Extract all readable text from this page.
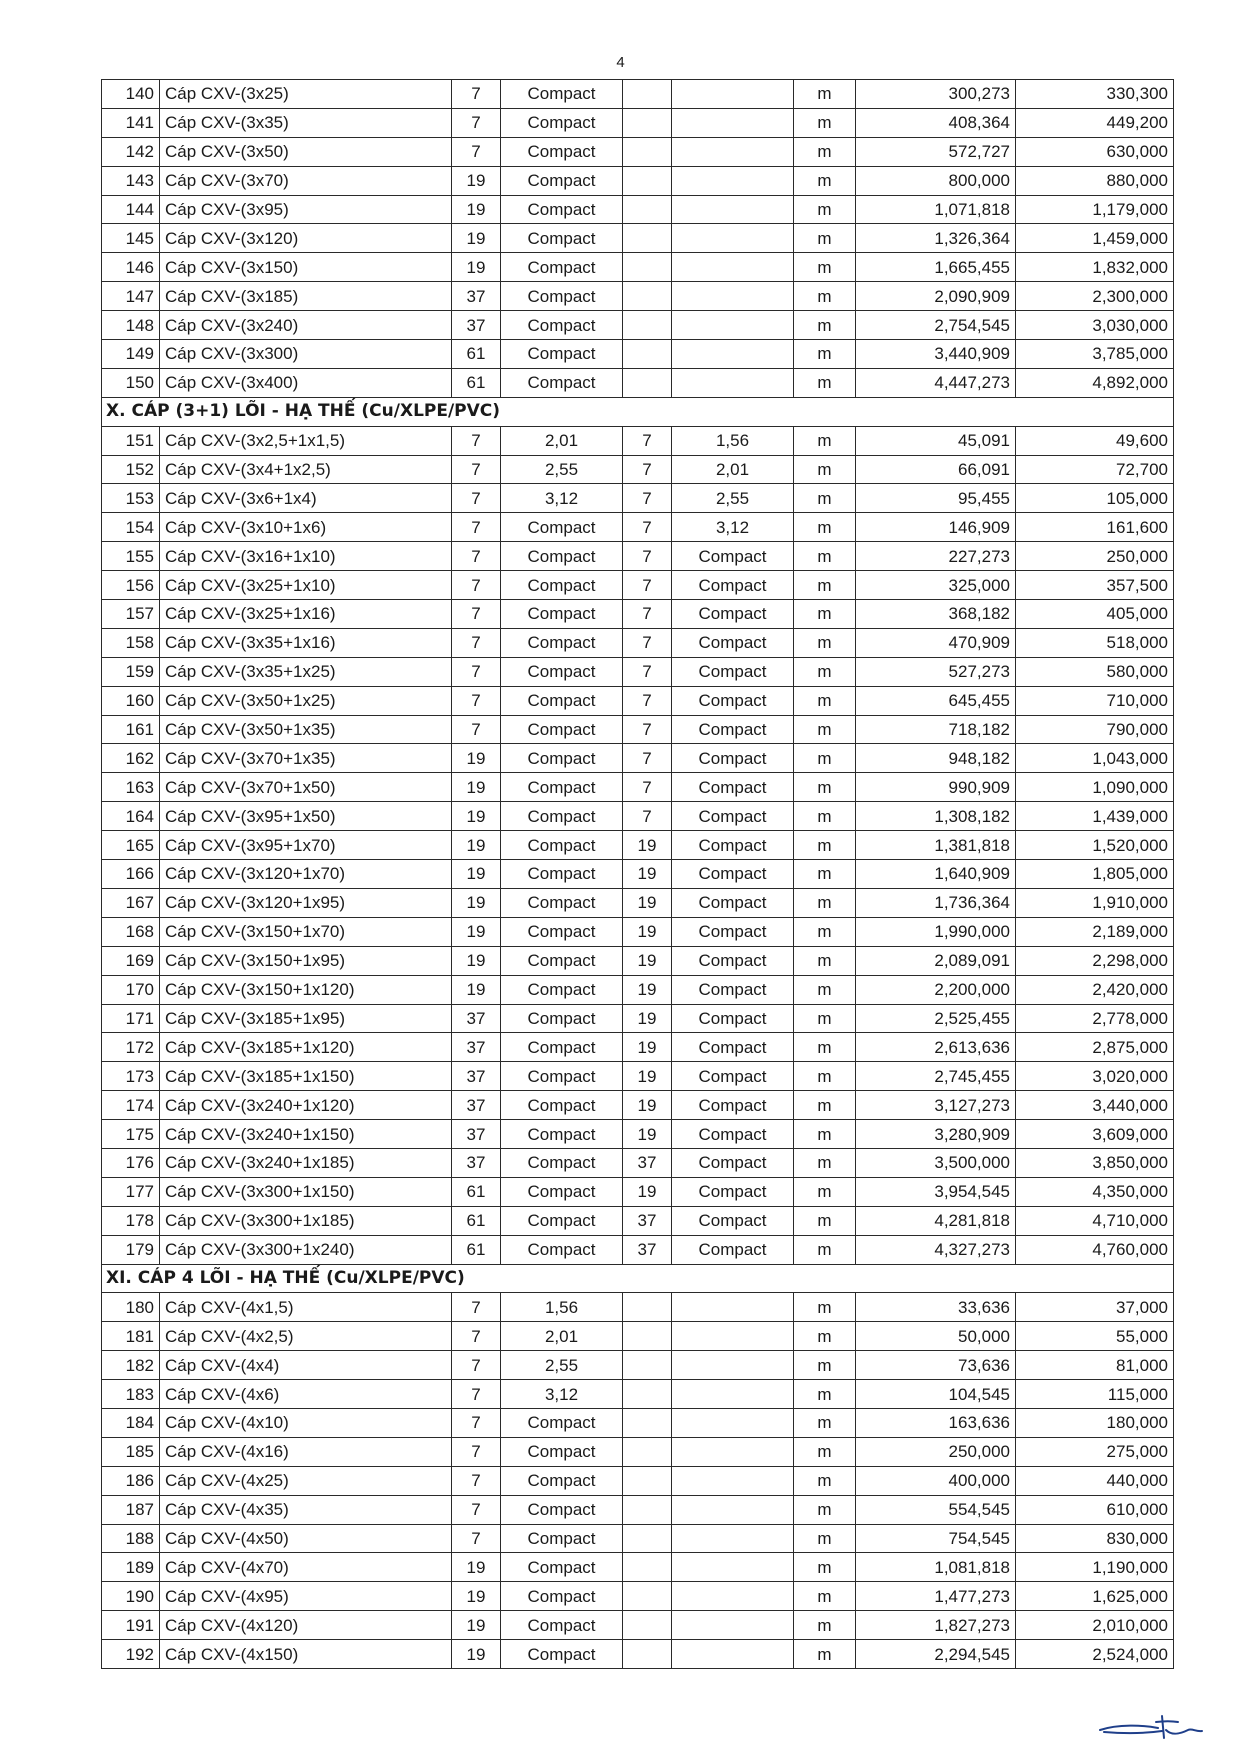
4
140	Cáp CXV-(3x25)	7	Compact			m	300,273	330,300
141	Cáp CXV-(3x35)	7	Compact			m	408,364	449,200
142	Cáp CXV-(3x50)	7	Compact			m	572,727	630,000
143	Cáp CXV-(3x70)	19	Compact			m	800,000	880,000
144	Cáp CXV-(3x95)	19	Compact			m	1,071,818	1,179,000
145	Cáp CXV-(3x120)	19	Compact			m	1,326,364	1,459,000
146	Cáp CXV-(3x150)	19	Compact			m	1,665,455	1,832,000
147	Cáp CXV-(3x185)	37	Compact			m	2,090,909	2,300,000
148	Cáp CXV-(3x240)	37	Compact			m	2,754,545	3,030,000
149	Cáp CXV-(3x300)	61	Compact			m	3,440,909	3,785,000
150	Cáp CXV-(3x400)	61	Compact			m	4,447,273	4,892,000
X. CÁP (3+1) LÕI - HẠ THẾ (Cu/XLPE/PVC)								
151	Cáp CXV-(3x2,5+1x1,5)	7	2,01	7	1,56	m	45,091	49,600
152	Cáp CXV-(3x4+1x2,5)	7	2,55	7	2,01	m	66,091	72,700
153	Cáp CXV-(3x6+1x4)	7	3,12	7	2,55	m	95,455	105,000
154	Cáp CXV-(3x10+1x6)	7	Compact	7	3,12	m	146,909	161,600
155	Cáp CXV-(3x16+1x10)	7	Compact	7	Compact	m	227,273	250,000
156	Cáp CXV-(3x25+1x10)	7	Compact	7	Compact	m	325,000	357,500
157	Cáp CXV-(3x25+1x16)	7	Compact	7	Compact	m	368,182	405,000
158	Cáp CXV-(3x35+1x16)	7	Compact	7	Compact	m	470,909	518,000
159	Cáp CXV-(3x35+1x25)	7	Compact	7	Compact	m	527,273	580,000
160	Cáp CXV-(3x50+1x25)	7	Compact	7	Compact	m	645,455	710,000
161	Cáp CXV-(3x50+1x35)	7	Compact	7	Compact	m	718,182	790,000
162	Cáp CXV-(3x70+1x35)	19	Compact	7	Compact	m	948,182	1,043,000
163	Cáp CXV-(3x70+1x50)	19	Compact	7	Compact	m	990,909	1,090,000
164	Cáp CXV-(3x95+1x50)	19	Compact	7	Compact	m	1,308,182	1,439,000
165	Cáp CXV-(3x95+1x70)	19	Compact	19	Compact	m	1,381,818	1,520,000
166	Cáp CXV-(3x120+1x70)	19	Compact	19	Compact	m	1,640,909	1,805,000
167	Cáp CXV-(3x120+1x95)	19	Compact	19	Compact	m	1,736,364	1,910,000
168	Cáp CXV-(3x150+1x70)	19	Compact	19	Compact	m	1,990,000	2,189,000
169	Cáp CXV-(3x150+1x95)	19	Compact	19	Compact	m	2,089,091	2,298,000
170	Cáp CXV-(3x150+1x120)	19	Compact	19	Compact	m	2,200,000	2,420,000
171	Cáp CXV-(3x185+1x95)	37	Compact	19	Compact	m	2,525,455	2,778,000
172	Cáp CXV-(3x185+1x120)	37	Compact	19	Compact	m	2,613,636	2,875,000
173	Cáp CXV-(3x185+1x150)	37	Compact	19	Compact	m	2,745,455	3,020,000
174	Cáp CXV-(3x240+1x120)	37	Compact	19	Compact	m	3,127,273	3,440,000
175	Cáp CXV-(3x240+1x150)	37	Compact	19	Compact	m	3,280,909	3,609,000
176	Cáp CXV-(3x240+1x185)	37	Compact	37	Compact	m	3,500,000	3,850,000
177	Cáp CXV-(3x300+1x150)	61	Compact	19	Compact	m	3,954,545	4,350,000
178	Cáp CXV-(3x300+1x185)	61	Compact	37	Compact	m	4,281,818	4,710,000
179	Cáp CXV-(3x300+1x240)	61	Compact	37	Compact	m	4,327,273	4,760,000
XI. CÁP 4 LÕI - HẠ THẾ (Cu/XLPE/PVC)								
180	Cáp CXV-(4x1,5)	7	1,56			m	33,636	37,000
181	Cáp CXV-(4x2,5)	7	2,01			m	50,000	55,000
182	Cáp CXV-(4x4)	7	2,55			m	73,636	81,000
183	Cáp CXV-(4x6)	7	3,12			m	104,545	115,000
184	Cáp CXV-(4x10)	7	Compact			m	163,636	180,000
185	Cáp CXV-(4x16)	7	Compact			m	250,000	275,000
186	Cáp CXV-(4x25)	7	Compact			m	400,000	440,000
187	Cáp CXV-(4x35)	7	Compact			m	554,545	610,000
188	Cáp CXV-(4x50)	7	Compact			m	754,545	830,000
189	Cáp CXV-(4x70)	19	Compact			m	1,081,818	1,190,000
190	Cáp CXV-(4x95)	19	Compact			m	1,477,273	1,625,000
191	Cáp CXV-(4x120)	19	Compact			m	1,827,273	2,010,000
192	Cáp CXV-(4x150)	19	Compact			m	2,294,545	2,524,000
